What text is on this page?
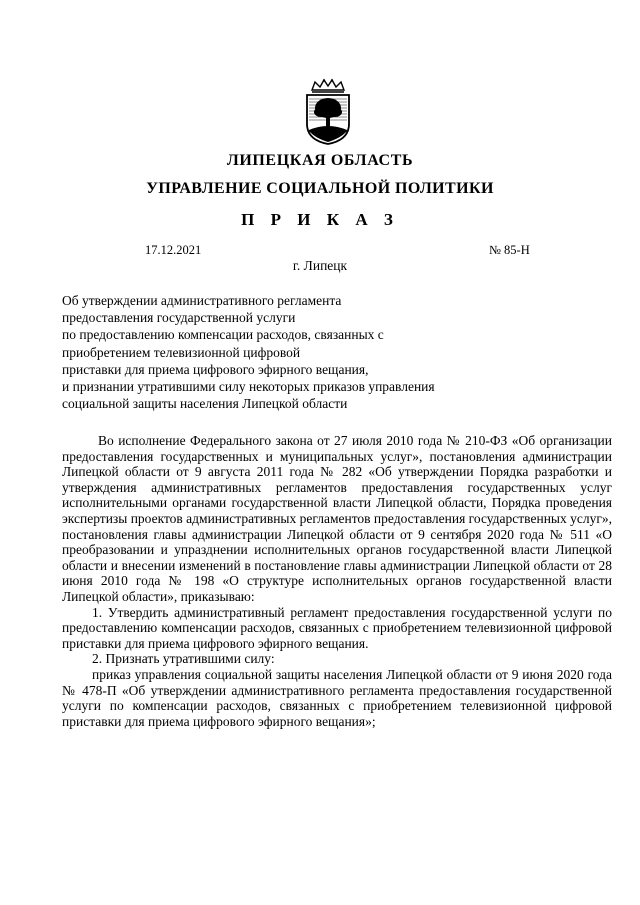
ЛИПЕЦКАЯ ОБЛАСТЬ
УПРАВЛЕНИЕ СОЦИАЛЬНОЙ ПОЛИТИКИ
П Р И К А З
17.12.2021	№ 85-Н
г. Липецк
Об утверждении административного регламента
предоставления государственной услуги
по предоставлению компенсации расходов, связанных с
приобретением телевизионной цифровой
приставки для приема цифрового эфирного вещания,
и признании утратившими силу некоторых приказов управления
социальной защиты населения Липецкой области

Во исполнение Федерального закона от 27 июля 2010 года № 210-ФЗ «Об организации предоставления государственных и муниципальных услуг», постановления администрации Липецкой области от 9 августа 2011 года № 282 «Об утверждении Порядка разработки и утверждения административных регламентов предоставления государственных услуг исполнительными органами государственной власти Липецкой области, Порядка проведения экспертизы проектов административных регламентов предоставления государственных услуг», постановления главы администрации Липецкой области от 9 сентября 2020 года № 511 «О преобразовании и упразднении исполнительных органов государственной власти Липецкой области и внесении изменений в постановление главы администрации Липецкой области от 28 июня 2010 года № 198 «О структуре исполнительных органов государственной власти Липецкой области», приказываю:

1. Утвердить административный регламент предоставления государственной услуги по предоставлению компенсации расходов, связанных с приобретением телевизионной цифровой приставки для приема цифрового эфирного вещания.

2. Признать утратившими силу:

приказ управления социальной защиты населения Липецкой области от 9 июня 2020 года № 478-П «Об утверждении административного регламента предоставления государственной услуги по компенсации расходов, связанных с приобретением телевизионной цифровой приставки для приема цифрового эфирного вещания»;
